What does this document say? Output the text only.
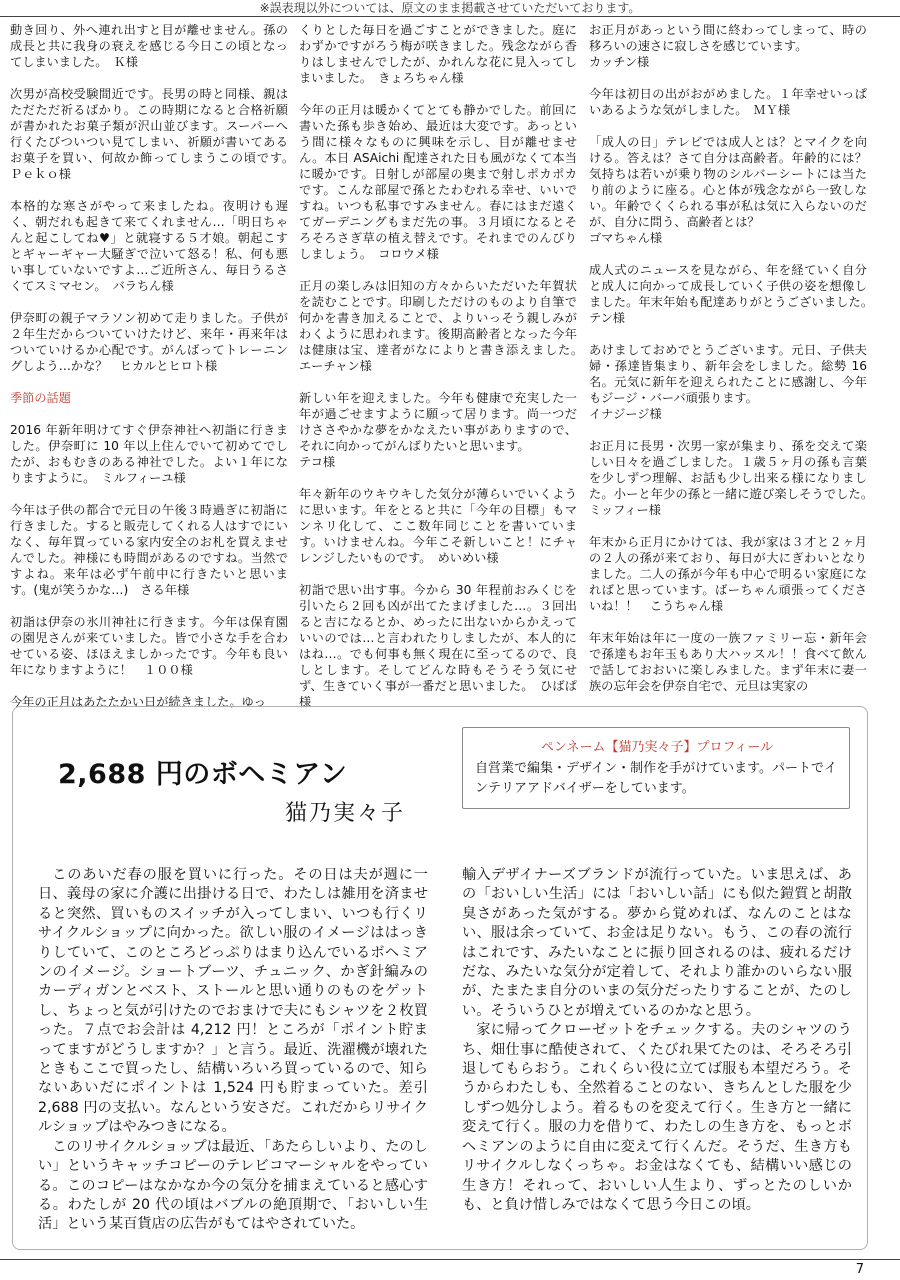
※誤表現以外については、原文のまま掲載させていただいております。

動き回り、外へ連れ出すと目が離せません。孫の成長と共に我身の衰えを感じる今日この頃となってしまいました。　Ｋ様

次男が高校受験間近です。長男の時と同様、親はただただ祈るばかり。この時期になると合格祈願が書かれたお菓子類が沢山並びます。スーパーへ行くたびついつい見てしまい、祈願が書いてあるお菓子を買い、何故か飾ってしまうこの頃です。　Ｐｅｋｏ様

本格的な寒さがやって来ましたね。夜明けも遅く、朝だれも起きて来てくれません…「明日ちゃんと起こしてね♥」と就寝する５才娘。朝起こすとギャーギャー大騒ぎで泣いて怒る！私、何も悪い事していないですよ…ご近所さん、毎日うるさくてスミマセン。　バラちん様

伊奈町の親子マラソン初めて走りました。子供が２年生だからついていけたけど、来年・再来年はついていけるか心配です。がんばってトレーニングしよう…かな？　ヒカルとヒロト様

季節の話題

2016 年新年明けてすぐ伊奈神社へ初詣に行きました。伊奈町に 10 年以上住んでいて初めてでしたが、おもむきのある神社でした。よい１年になりますように。　ミルフィーユ様

今年は子供の都合で元日の午後３時過ぎに初詣に行きました。すると販売してくれる人はすでにいなく、毎年買っている家内安全のお札を買えませんでした。神様にも時間があるのですね。当然ですよね。来年は必ず午前中に行きたいと思います。(鬼が笑うかな…)　さる年様

初詣は伊奈の氷川神社に行きます。今年は保育園の園児さんが来ていました。皆で小さな手を合わせている姿、ほほえましかったです。今年も良い年になりますように！　１００様

今年の正月はあたたかい日が続きました。ゆっ

くりとした毎日を過ごすことができました。庭にわずかですがろう梅が咲きました。残念ながら香りはしませんでしたが、かれんな花に見入ってしまいました。　きょろちゃん様

今年の正月は暖かくてとても静かでした。前回に書いた孫も歩き始め、最近は大変です。あっという間に様々なものに興味を示し、目が離せません。本日 ASAichi 配達された日も風がなくて本当に暖かです。日射しが部屋の奥まで射しポカポカです。こんな部屋で孫とたわむれる幸せ、いいですね。いつも私事ですみません。春にはまだ遠くてガーデニングもまだ先の事。３月頃になるとそろそろさぎ草の植え替えです。それまでのんびりしましょう。　コロウメ様

正月の楽しみは旧知の方々からいただいた年賀状を読むことです。印刷しただけのものより自筆で何かを書き加えることで、よりいっそう親しみがわくように思われます。後期高齢者となった今年は健康は宝、達者がなによりと書き添えました。　エーチャン様

新しい年を迎えました。今年も健康で充実した一年が過ごせますように願って居ります。尚一つだけささやかな夢をかなえたい事がありますので、それに向かってがんばりたいと思います。

テコ様

年々新年のウキウキした気分が薄らいでいくように思います。年をとると共に「今年の目標」もマンネリ化して、ここ数年同じことを書いています。いけませんね。今年こそ新しいこと！にチャレンジしたいものです。　めいめい様

初詣で思い出す事。今から 30 年程前おみくじを引いたら２回も凶が出てたまげました…。３回出ると吉になるとか、めったに出ないからかえっていいのでは…と言われたりしましたが、本人的にはね…。でも何事も無く現在に至ってるので、良しとします。そしてどんな時もそうそう気にせず、生きていく事が一番だと思いました。　ひばぱ様

お正月があっという間に終わってしまって、時の移ろいの速さに寂しさを感じています。

カッチン様

今年は初日の出がおがめました。１年幸せいっぱいあるような気がしました。　ＭＹ様

「成人の日」テレビでは成人とは？とマイクを向ける。答えは？さて自分は高齢者。年齢的には？気持ちは若いが乗り物のシルバーシートには当たり前のように座る。心と体が残念ながら一致しない。年齢でくくられる事が私は気に入らないのだが、自分に問う、高齢者とは？

ゴマちゃん様

成人式のニュースを見ながら、年を経ていく自分と成人に向かって成長していく子供の姿を想像しました。年末年始も配達ありがとうございました。　テン様

あけましておめでとうございます。元日、子供夫婦・孫達皆集まり、新年会をしました。総勢 16 名。元気に新年を迎えられたことに感謝し、今年もジージ・バーバ頑張ります。

イナジージ様

お正月に長男・次男一家が集まり、孫を交えて楽しい日々を過ごしました。１歳５ヶ月の孫も言葉を少しずつ理解、お話も少し出来る様になりました。小ーと年少の孫と一緒に遊び楽しそうでした。　ミッフィー様

年末から正月にかけては、我が家は３才と２ヶ月の２人の孫が来ており、毎日が大にぎわいとなりました。二人の孫が今年も中心で明るい家庭になればと思っています。ばーちゃん頑張ってくださいね！！　こうちゃん様

年末年始は年に一度の一族ファミリー忘・新年会で孫達もお年玉もあり大ハッスル！！食べて飲んで話しておおいに楽しみました。まず年末に妻一族の忘年会を伊奈自宅で、元旦は実家の

2,688 円のボヘミアン
猫乃実々子
ペンネーム【猫乃実々子】プロフィール
自営業で編集・デザイン・制作を手がけています。パートでインテリアアドバイザーをしています。

このあいだ春の服を買いに行った。その日は夫が週に一日、義母の家に介護に出掛ける日で、わたしは雑用を済ませると突然、買いものスイッチが入ってしまい、いつも行くリサイクルショップに向かった。欲しい服のイメージははっきりしていて、このところどっぷりはまり込んでいるボヘミアンのイメージ。ショートブーツ、チュニック、かぎ針編みのカーディガンとベスト、ストールと思い通りのものをゲットし、ちょっと気が引けたのでおまけで夫にもシャツを２枚買った。７点でお会計は 4,212 円！ところが「ポイント貯まってますがどうしますか？」と言う。最近、洗濯機が壊れたときもここで買ったし、結構いろいろ買っているので、知らないあいだにポイントは 1,524 円も貯まっていた。差引 2,688 円の支払い。なんという安さだ。これだからリサイクルショップはやみつきになる。

このリサイクルショップは最近、「あたらしいより、たのしい」というキャッチコピーのテレビコマーシャルをやっている。このコピーはなかなか今の気分を捕まえていると感心する。わたしが 20 代の頃はバブルの絶頂期で、「おいしい生活」という某百貨店の広告がもてはやされていた。

輸入デザイナーズブランドが流行っていた。いま思えば、あの「おいしい生活」には「おいしい話」にも似た鎧質と胡散臭さがあった気がする。夢から覚めれば、なんのことはない、服は余っていて、お金は足りない。もう、この春の流行はこれです、みたいなことに振り回されるのは、疲れるだけだな、みたいな気分が定着して、それより誰かのいらない服が、たまたま自分のいまの気分だったりすることが、たのしい。そういうひとが増えているのかなと思う。

家に帰ってクローゼットをチェックする。夫のシャツのうち、畑仕事に酷使されて、くたびれ果てたのは、そろそろ引退してもらおう。これくらい役に立てば服も本望だろう。そうからわたしも、全然着ることのない、きちんとした服を少しずつ処分しよう。着るものを変えて行く。生き方と一緒に変えて行く。服の力を借りて、わたしの生き方を、もっとボヘミアンのように自由に変えて行くんだ。そうだ、生き方もリサイクルしなくっちゃ。お金はなくても、結構いい感じの生き方！それって、おいしい人生より、ずっとたのしいかも、と負け惜しみではなくて思う今日この頃。

7
